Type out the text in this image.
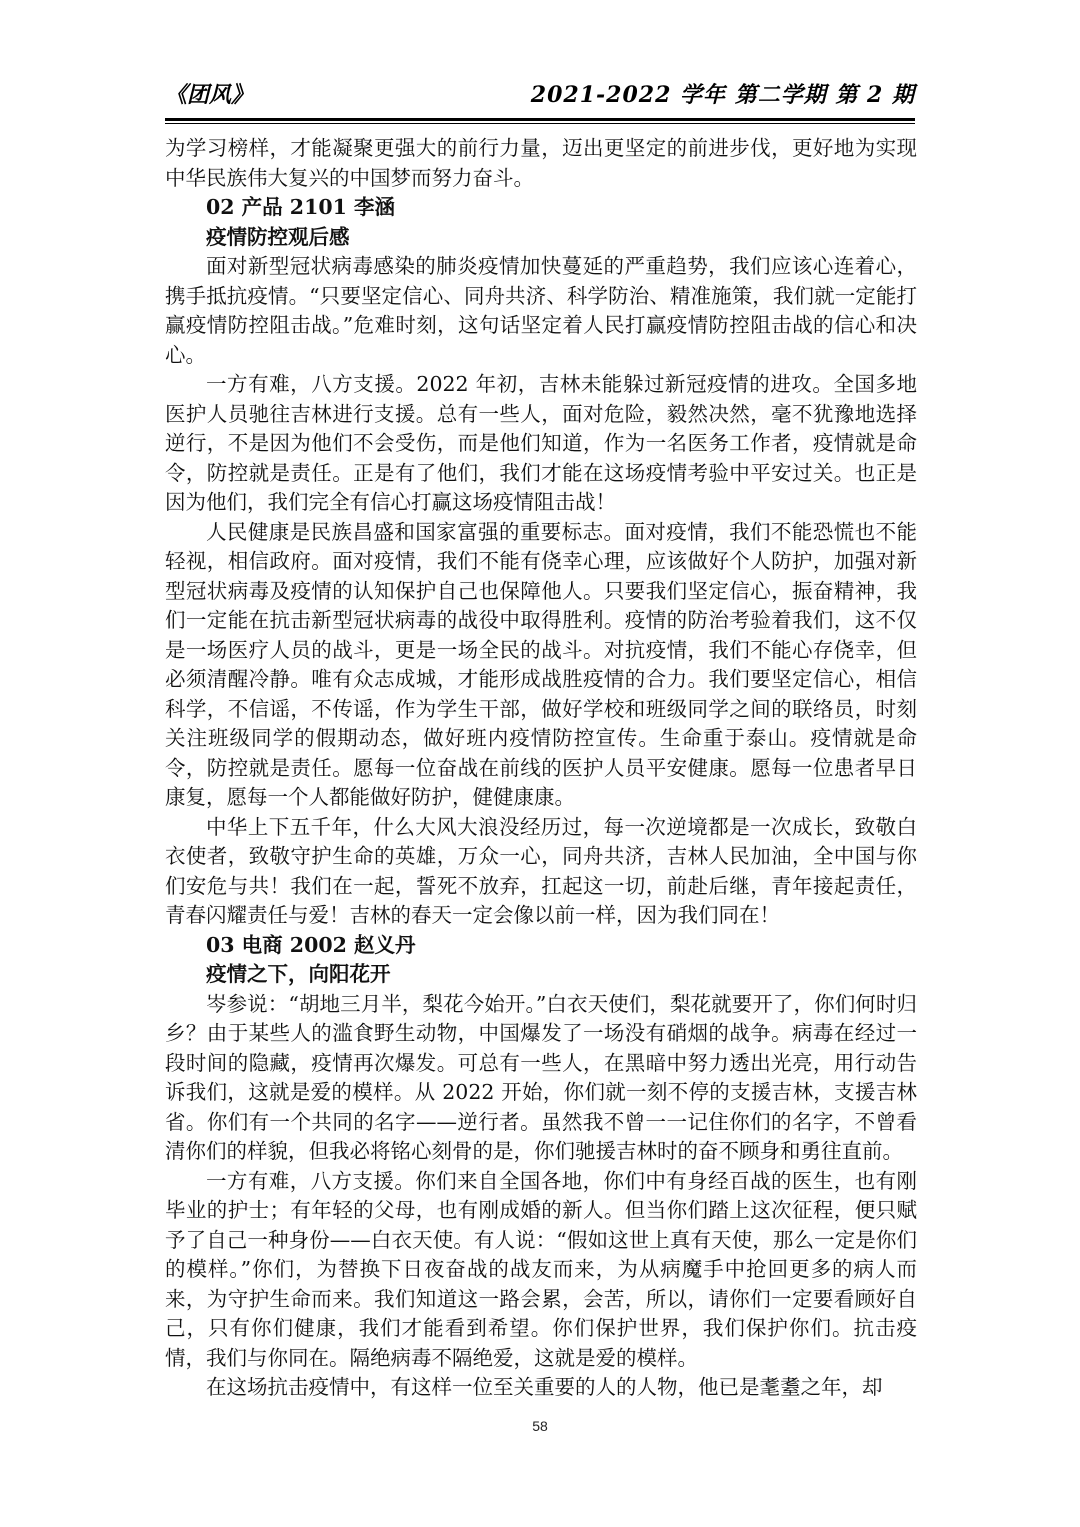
《团风》	2021-2022 学年 第二学期 第 2 期

为学习榜样，才能凝聚更强大的前行力量，迈出更坚定的前进步伐，更好地为实现中华民族伟大复兴的中国梦而努力奋斗。

02 产品 2101 李涵
疫情防控观后感

面对新型冠状病毒感染的肺炎疫情加快蔓延的严重趋势，我们应该心连着心，携手抵抗疫情。“只要坚定信心、同舟共济、科学防治、精准施策，我们就一定能打赢疫情防控阻击战。”危难时刻，这句话坚定着人民打赢疫情防控阻击战的信心和决心。

一方有难，八方支援。2022 年初，吉林未能躲过新冠疫情的进攻。全国多地医护人员驰往吉林进行支援。总有一些人，面对危险，毅然决然，毫不犹豫地选择逆行，不是因为他们不会受伤，而是他们知道，作为一名医务工作者，疫情就是命令，防控就是责任。正是有了他们，我们才能在这场疫情考验中平安过关。也正是因为他们，我们完全有信心打赢这场疫情阻击战！

人民健康是民族昌盛和国家富强的重要标志。面对疫情，我们不能恐慌也不能轻视，相信政府。面对疫情，我们不能有侥幸心理，应该做好个人防护，加强对新型冠状病毒及疫情的认知保护自己也保障他人。只要我们坚定信心，振奋精神，我们一定能在抗击新型冠状病毒的战役中取得胜利。疫情的防治考验着我们，这不仅是一场医疗人员的战斗，更是一场全民的战斗。对抗疫情，我们不能心存侥幸，但必须清醒冷静。唯有众志成城，才能形成战胜疫情的合力。我们要坚定信心，相信科学，不信谣，不传谣，作为学生干部，做好学校和班级同学之间的联络员，时刻关注班级同学的假期动态，做好班内疫情防控宣传。生命重于泰山。疫情就是命令，防控就是责任。愿每一位奋战在前线的医护人员平安健康。愿每一位患者早日康复，愿每一个人都能做好防护，健健康康。

中华上下五千年，什么大风大浪没经历过，每一次逆境都是一次成长，致敬白衣使者，致敬守护生命的英雄，万众一心，同舟共济，吉林人民加油，全中国与你们安危与共！我们在一起，誓死不放弃，扛起这一切，前赴后继，青年接起责任，青春闪耀责任与爱！吉林的春天一定会像以前一样，因为我们同在！

03 电商 2002 赵义丹
疫情之下，向阳花开

岑参说：“胡地三月半，梨花今始开。”白衣天使们，梨花就要开了，你们何时归乡？由于某些人的滥食野生动物，中国爆发了一场没有硝烟的战争。病毒在经过一段时间的隐藏，疫情再次爆发。可总有一些人，在黑暗中努力透出光亮，用行动告诉我们，这就是爱的模样。从 2022 开始，你们就一刻不停的支援吉林，支援吉林省。你们有一个共同的名字——逆行者。虽然我不曾一一记住你们的名字，不曾看清你们的样貌，但我必将铭心刻骨的是，你们驰援吉林时的奋不顾身和勇往直前。

一方有难，八方支援。你们来自全国各地，你们中有身经百战的医生，也有刚毕业的护士；有年轻的父母，也有刚成婚的新人。但当你们踏上这次征程，便只赋予了自己一种身份——白衣天使。有人说：“假如这世上真有天使，那么一定是你们的模样。”你们，为替换下日夜奋战的战友而来，为从病魔手中抢回更多的病人而来，为守护生命而来。我们知道这一路会累，会苦，所以，请你们一定要看顾好自己，只有你们健康，我们才能看到希望。你们保护世界，我们保护你们。抗击疫情，我们与你同在。隔绝病毒不隔绝爱，这就是爱的模样。

在这场抗击疫情中，有这样一位至关重要的人的人物，他已是耄耋之年，却

58
